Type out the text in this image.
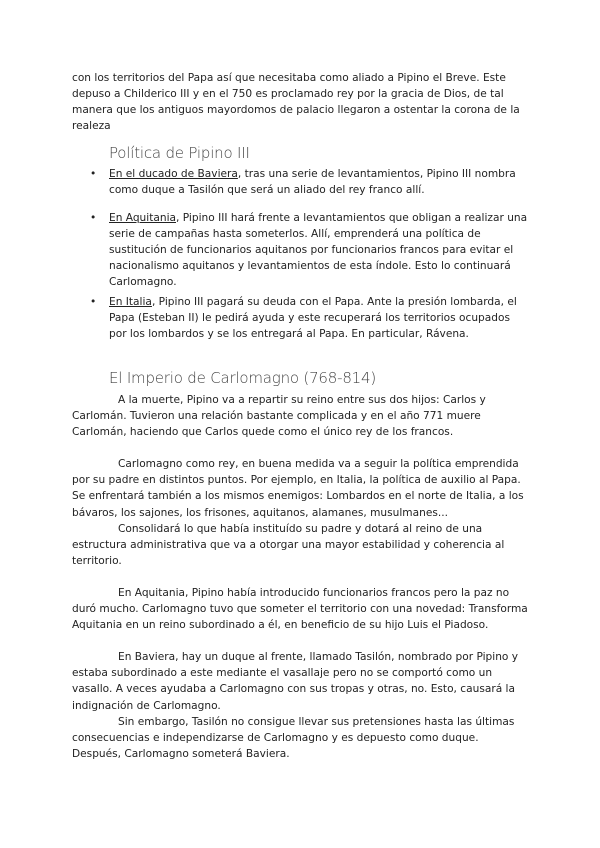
con los territorios del Papa así que necesitaba como aliado a Pipino el Breve. Este depuso a Childerico III y en el 750 es proclamado rey por la gracia de Dios, de tal manera que los antiguos mayordomos de palacio llegaron a ostentar la corona de la realeza

Política de Pipino III
• En el ducado de Baviera, tras una serie de levantamientos, Pipino III nombra como duque a Tasilón que será un aliado del rey franco allí.
• En Aquitania, Pipino III hará frente a levantamientos que obligan a realizar una serie de campañas hasta someterlos. Allí, emprenderá una política de sustitución de funcionarios aquitanos por funcionarios francos para evitar el nacionalismo aquitanos y levantamientos de esta índole. Esto lo continuará Carlomagno.
• En Italia, Pipino III pagará su deuda con el Papa. Ante la presión lombarda, el Papa (Esteban II) le pedirá ayuda y este recuperará los territorios ocupados por los lombardos y se los entregará al Papa. En particular, Rávena.
El Imperio de Carlomagno (768-814)

A la muerte, Pipino va a repartir su reino entre sus dos hijos: Carlos y Carlomán. Tuvieron una relación bastante complicada y en el año 771 muere Carlomán, haciendo que Carlos quede como el único rey de los francos.

Carlomagno como rey, en buena medida va a seguir la política emprendida por su padre en distintos puntos. Por ejemplo, en Italia, la política de auxilio al Papa. Se enfrentará también a los mismos enemigos: Lombardos en el norte de Italia, a los bávaros, los sajones, los frisones, aquitanos, alamanes, musulmanes...

Consolidará lo que había instituído su padre y dotará al reino de una estructura administrativa que va a otorgar una mayor estabilidad y coherencia al territorio.

En Aquitania, Pipino había introducido funcionarios francos pero la paz no duró mucho. Carlomagno tuvo que someter el territorio con una novedad: Transforma Aquitania en un reino subordinado a él, en beneficio de su hijo Luis el Piadoso.

En Baviera, hay un duque al frente, llamado Tasilón, nombrado por Pipino y estaba subordinado a este mediante el vasallaje pero no se comportó como un vasallo. A veces ayudaba a Carlomagno con sus tropas y otras, no. Esto, causará la indignación de Carlomagno.

Sin embargo, Tasilón no consigue llevar sus pretensiones hasta las últimas consecuencias e independizarse de Carlomagno y es depuesto como duque. Después, Carlomagno someterá Baviera.
